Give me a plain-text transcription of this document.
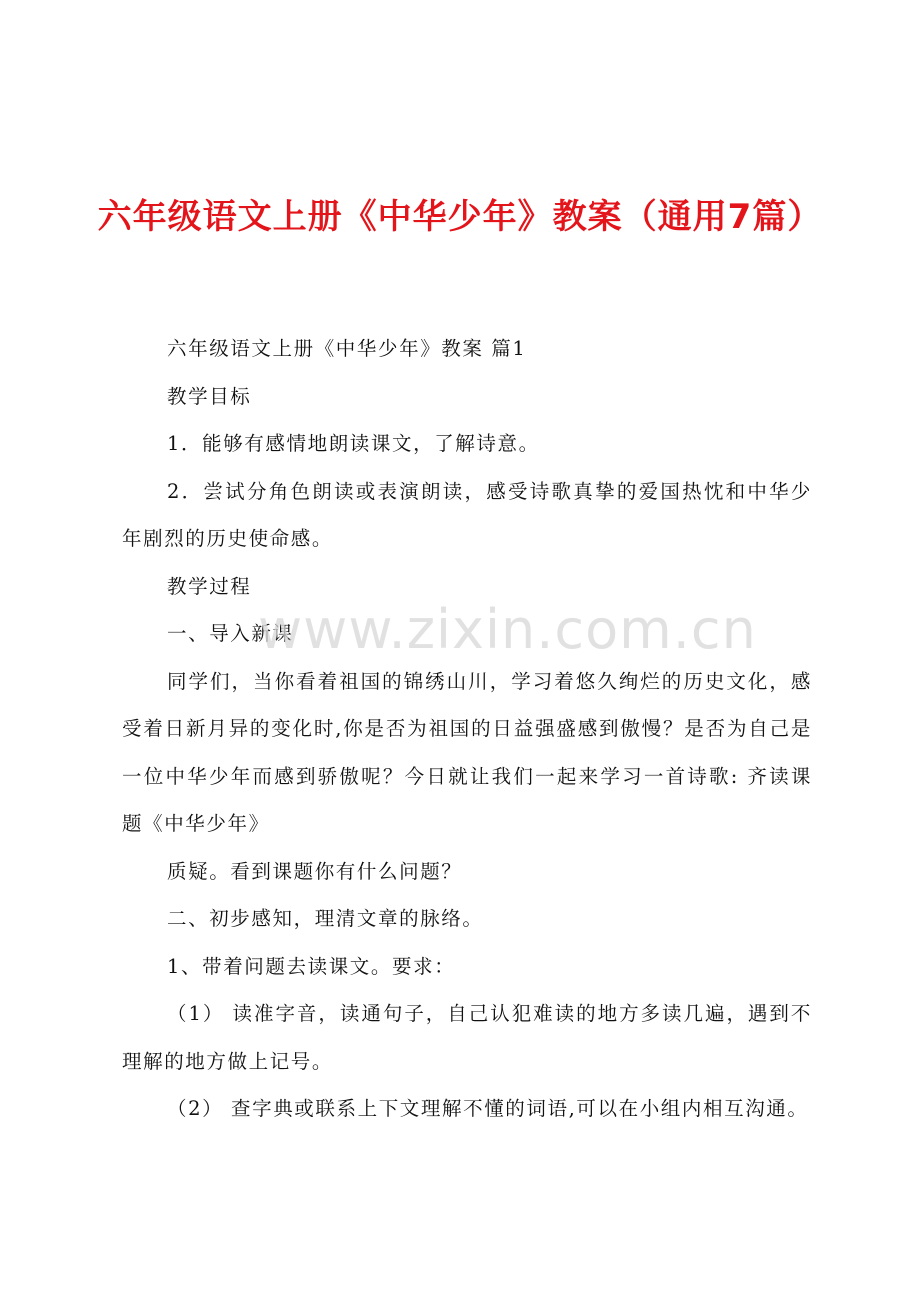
六年级语文上册《中华少年》教案（通用7篇）

六年级语文上册《中华少年》教案 篇1

教学目标

1．能够有感情地朗读课文，了解诗意。

2．尝试分角色朗读或表演朗读，感受诗歌真挚的爱国热忱和中华少年剧烈的历史使命感。

教学过程

一、导入新课

同学们，当你看着祖国的锦绣山川，学习着悠久绚烂的历史文化，感受着日新月异的变化时,你是否为祖国的日益强盛感到傲慢？是否为自己是一位中华少年而感到骄傲呢？今日就让我们一起来学习一首诗歌: 齐读课题《中华少年》

质疑。看到课题你有什么问题？

二、初步感知，理清文章的脉络。

1、带着问题去读课文。要求：

（1） 读准字音，读通句子，自己认犯难读的地方多读几遍，遇到不理解的地方做上记号。

（2） 查字典或联系上下文理解不懂的词语,可以在小组内相互沟通。

www.zixin.com.cn
